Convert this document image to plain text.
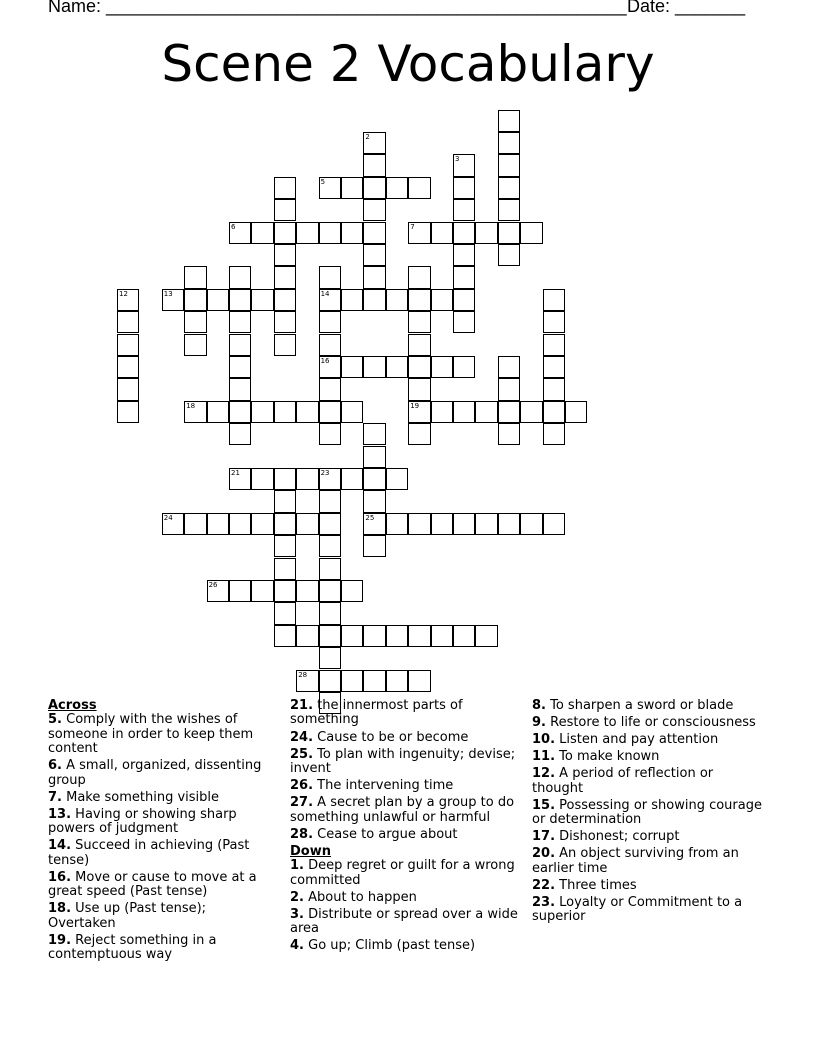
Name: ____________________________________________________ Date: _______
Scene 2 Vocabulary
2
3
5
6	7
14
16
19
12	13
18
25
21	23
24
26
28
Across
5. Comply with the wishes of someone in order to keep them content
6. A small, organized, dissenting group
7. Make something visible
13. Having or showing sharp powers of judgment
14. Succeed in achieving (Past tense)
16. Move or cause to move at a great speed (Past tense)
18. Use up (Past tense); Overtaken
19. Reject something in a contemptuous way
21. the innermost parts of something
24. Cause to be or become
25. To plan with ingenuity; devise; invent
26. The intervening time
27. A secret plan by a group to do something unlawful or harmful
28. Cease to argue about
Down
1. Deep regret or guilt for a wrong committed
2. About to happen
3. Distribute or spread over a wide area
4. Go up; Climb (past tense)
8. To sharpen a sword or blade
9. Restore to life or consciousness
10. Listen and pay attention
11. To make known
12. A period of reflection or thought
15. Possessing or showing courage or determination
17. Dishonest; corrupt
20. An object surviving from an earlier time
22. Three times
23. Loyalty or Commitment to a superior
